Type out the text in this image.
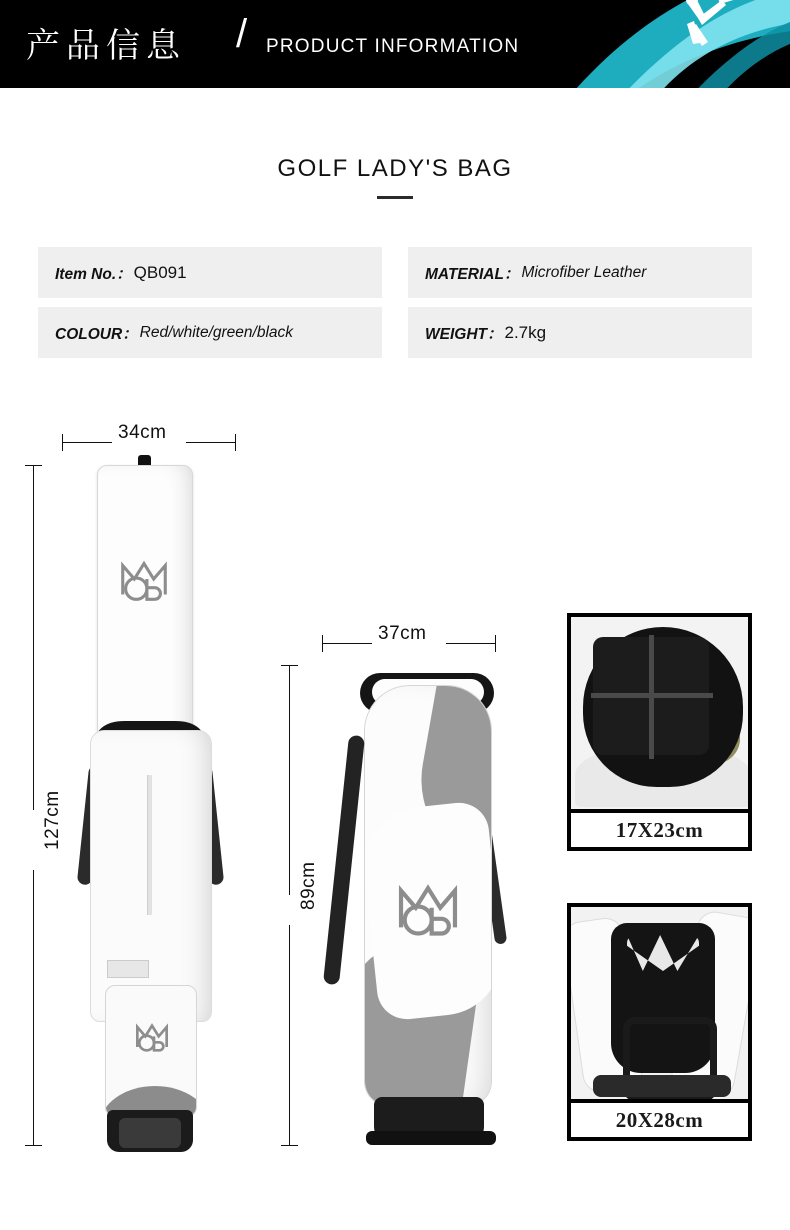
产品信息 / PRODUCT INFORMATION
GOLF LADY'S BAG
Item No.： QB091	MATERIAL： Microfiber Leather
COLOUR： Red/white/green/black	WEIGHT： 2.7kg
34cm
127cm
37cm
89cm
17X23cm
20X28cm
